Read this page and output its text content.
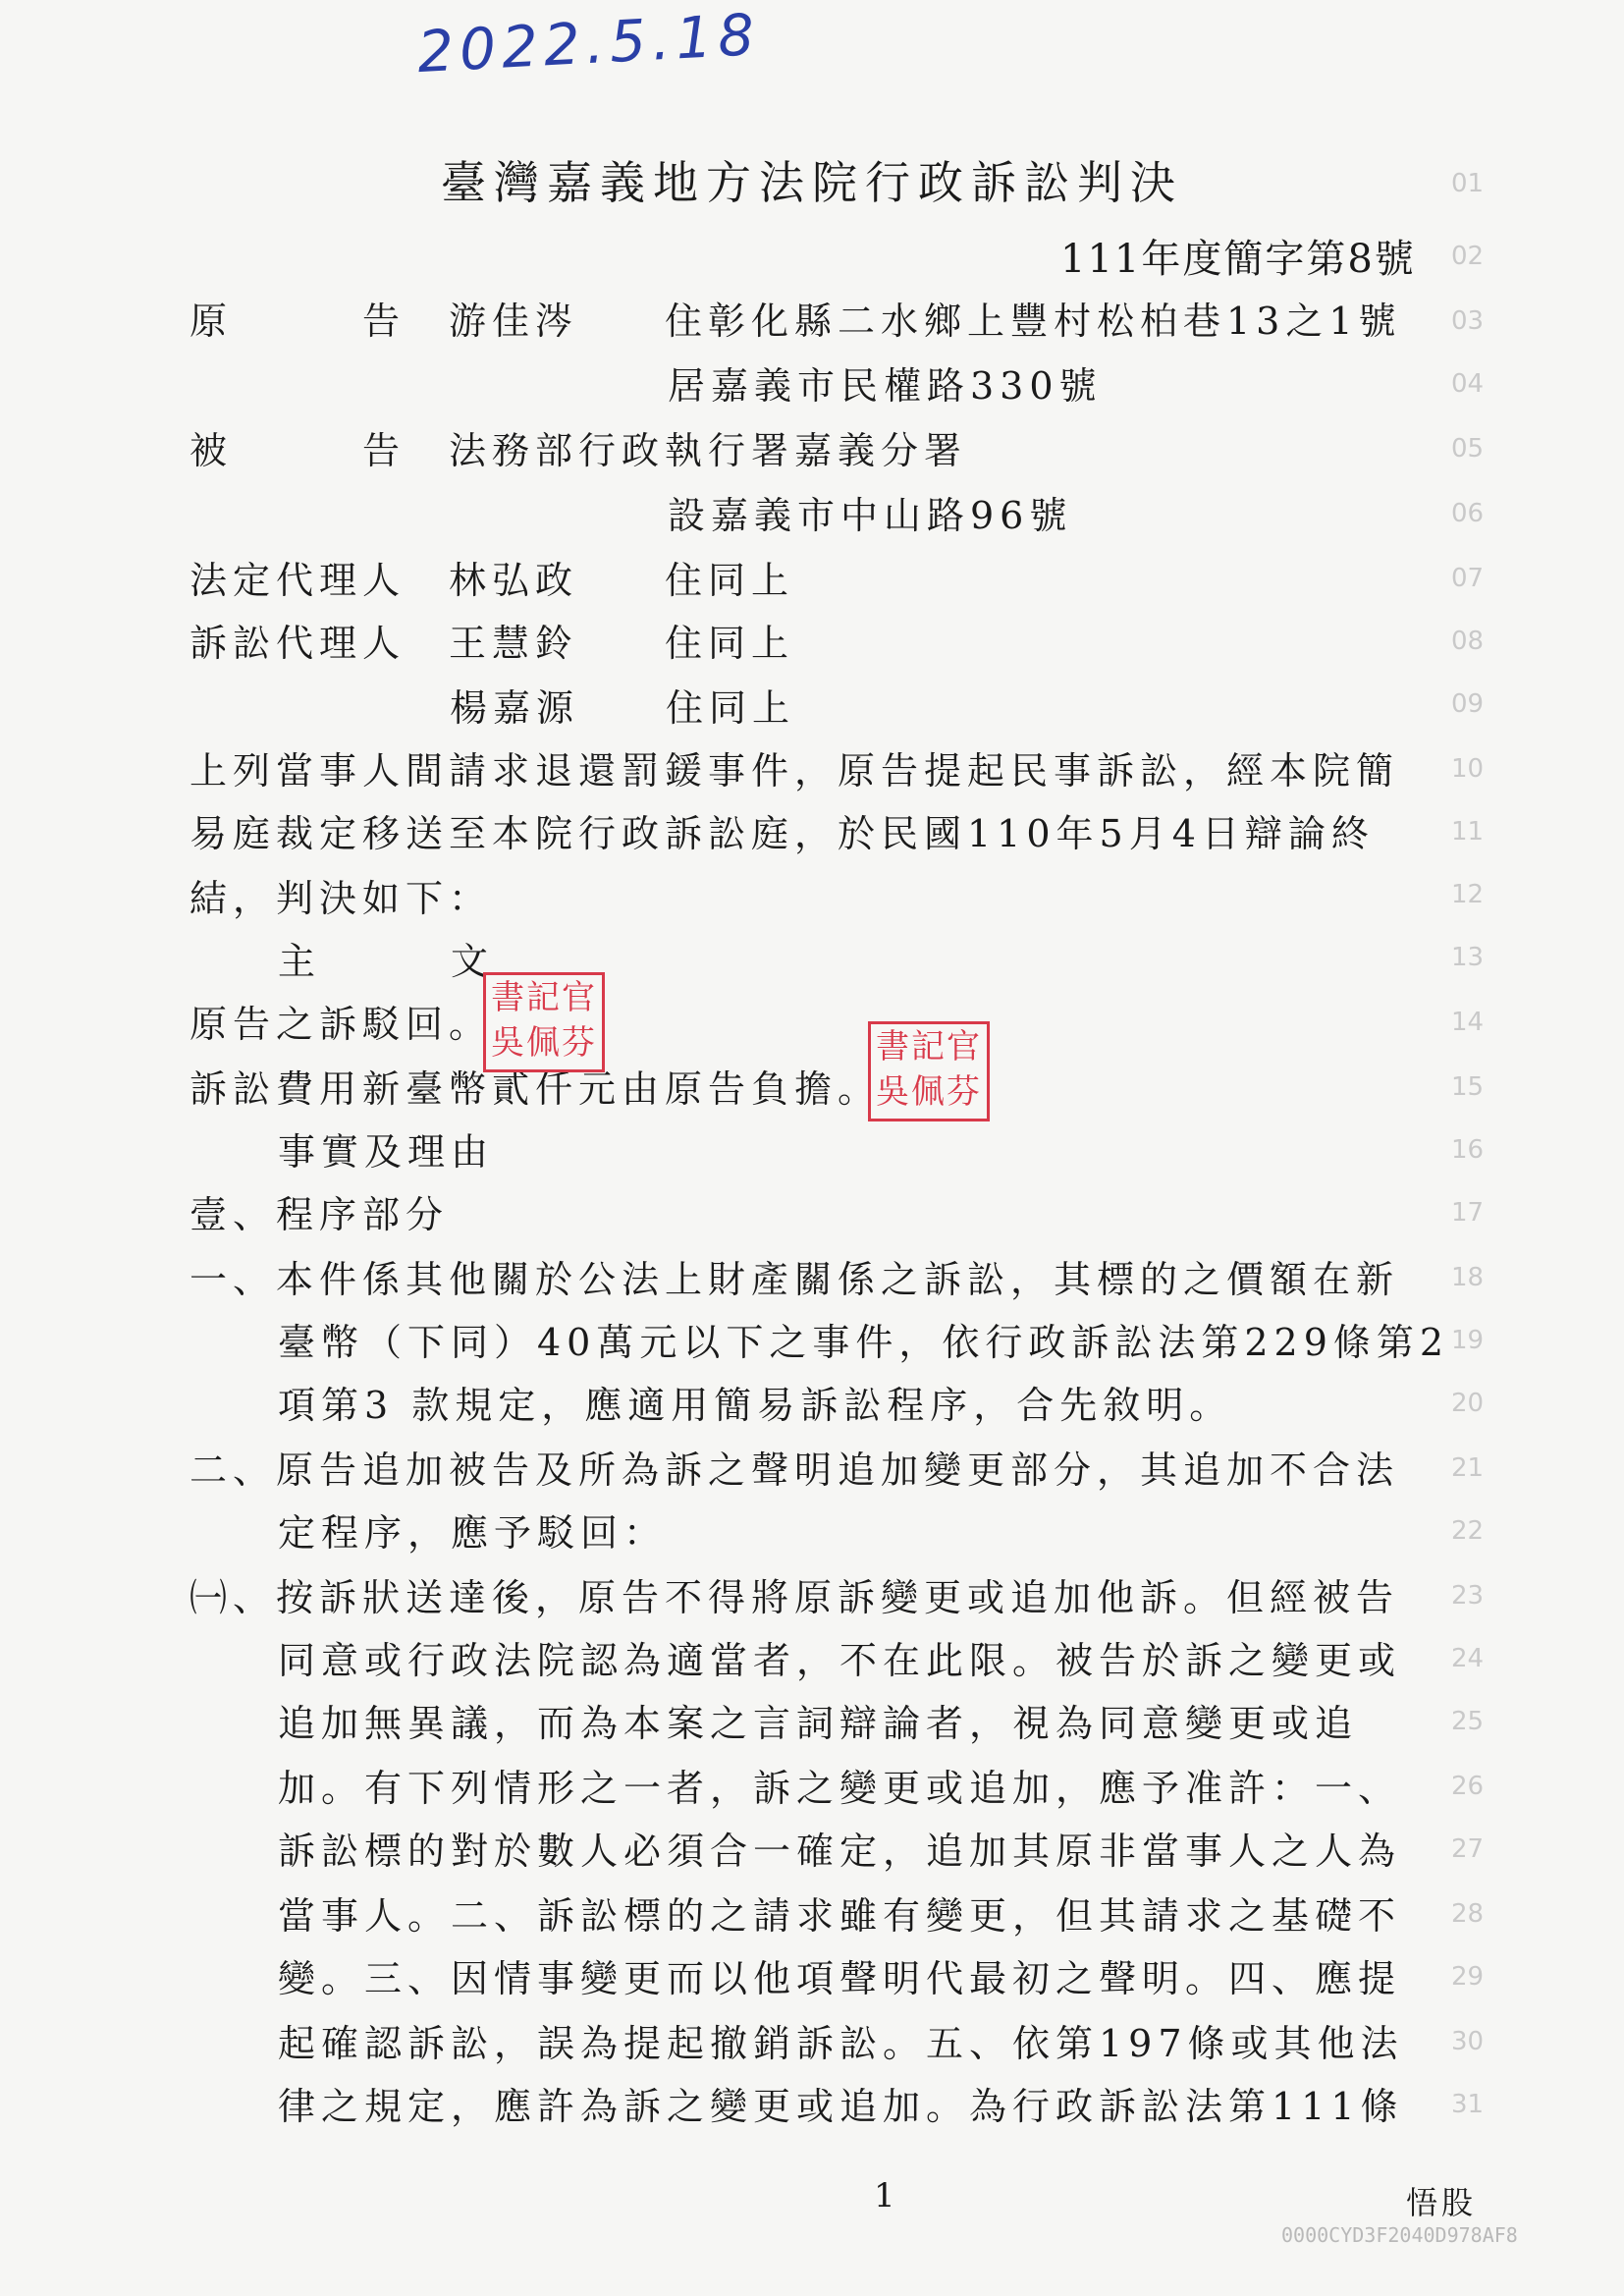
2022.5.18
臺灣嘉義地方法院行政訴訟判決
111年度簡字第8號
原　　　告　游佳涔　　住彰化縣二水鄉上豐村松柏巷13之1號
居嘉義市民權路330號
被　　　告　法務部行政執行署嘉義分署
設嘉義市中山路96號
法定代理人　林弘政　　住同上
訴訟代理人　王慧鈴　　住同上
楊嘉源　　住同上
上列當事人間請求退還罰鍰事件，原告提起民事訴訟，經本院簡
易庭裁定移送至本院行政訴訟庭，於民國110年5月4日辯論終
結，判決如下：
主　　　文
原告之訴駁回。
訴訟費用新臺幣貳仟元由原告負擔。
事實及理由
壹、程序部分
一、本件係其他關於公法上財產關係之訴訟，其標的之價額在新
臺幣（下同）40萬元以下之事件，依行政訴訟法第229條第2
項第3 款規定，應適用簡易訴訟程序，合先敘明。
二、原告追加被告及所為訴之聲明追加變更部分，其追加不合法
定程序，應予駁回：
㈠、按訴狀送達後，原告不得將原訴變更或追加他訴。但經被告
同意或行政法院認為適當者，不在此限。被告於訴之變更或
追加無異議，而為本案之言詞辯論者，視為同意變更或追
加。有下列情形之一者，訴之變更或追加，應予准許：一、
訴訟標的對於數人必須合一確定，追加其原非當事人之人為
當事人。二、訴訟標的之請求雖有變更，但其請求之基礎不
變。三、因情事變更而以他項聲明代最初之聲明。四、應提
起確認訴訟，誤為提起撤銷訴訟。五、依第197條或其他法
律之規定，應許為訴之變更或追加。為行政訴訟法第111條
01
02
03
04
05
06
07
08
09
10
11
12
13
14
15
16
17
18
19
20
21
22
23
24
25
26
27
28
29
30
31
書記官
吳佩芬	書記官
吳佩芬
1	悟股
0000CYD3F2040D978AF8
